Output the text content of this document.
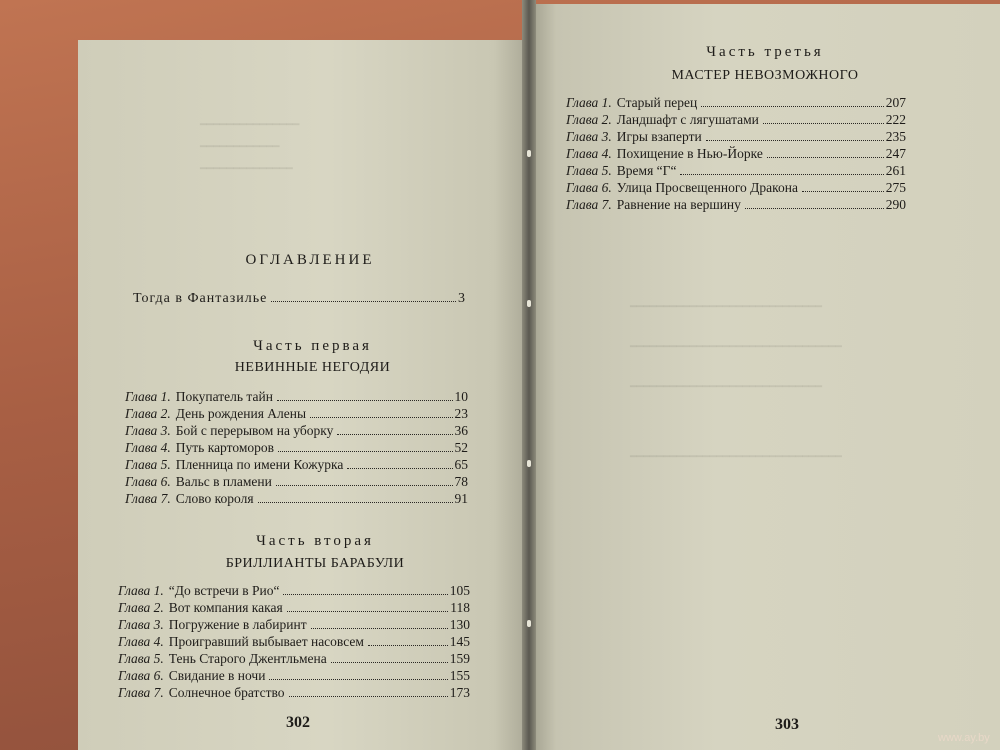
━━━━━━━━━━━━━━━
━━━━━━━━━━━━
━━━━━━━━━━━━━━
━━━━━━━━━━━━━━━━━━━━━━━━━━━━━
━━━━━━━━━━━━━━━━━━━━━━━━━━━━━━━━
━━━━━━━━━━━━━━━━━━━━━━━━━━━━━
━━━━━━━━━━━━━━━━━━━━━━━━━━━━━━━━
ОГЛАВЛЕНИЕ
Тогда в Фантазилье	3
Часть первая
НЕВИННЫЕ НЕГОДЯИ
Глава 1. Покупатель тайн	10
Глава 2. День рождения Алены	23
Глава 3. Бой с перерывом на уборку	36
Глава 4. Путь картоморов	52
Глава 5. Пленница по имени Кожурка	65
Глава 6. Вальс в пламени	78
Глава 7. Слово короля	91
Часть вторая
БРИЛЛИАНТЫ БАРАБУЛИ
Глава 1. “До встречи в Рио“	105
Глава 2. Вот компания какая	118
Глава 3. Погружение в лабиринт	130
Глава 4. Проигравший выбывает насовсем	145
Глава 5. Тень Старого Джентльмена	159
Глава 6. Свидание в ночи	155
Глава 7. Солнечное братство	173
302
Часть третья
МАСТЕР НЕВОЗМОЖНОГО
Глава 1. Старый перец	207
Глава 2. Ландшафт с лягушатами	222
Глава 3. Игры взаперти	235
Глава 4. Похищение в Нью-Йорке	247
Глава 5. Время “Г“	261
Глава 6. Улица Просвещенного Дракона	275
Глава 7. Равнение на вершину	290
303
www.ay.by
